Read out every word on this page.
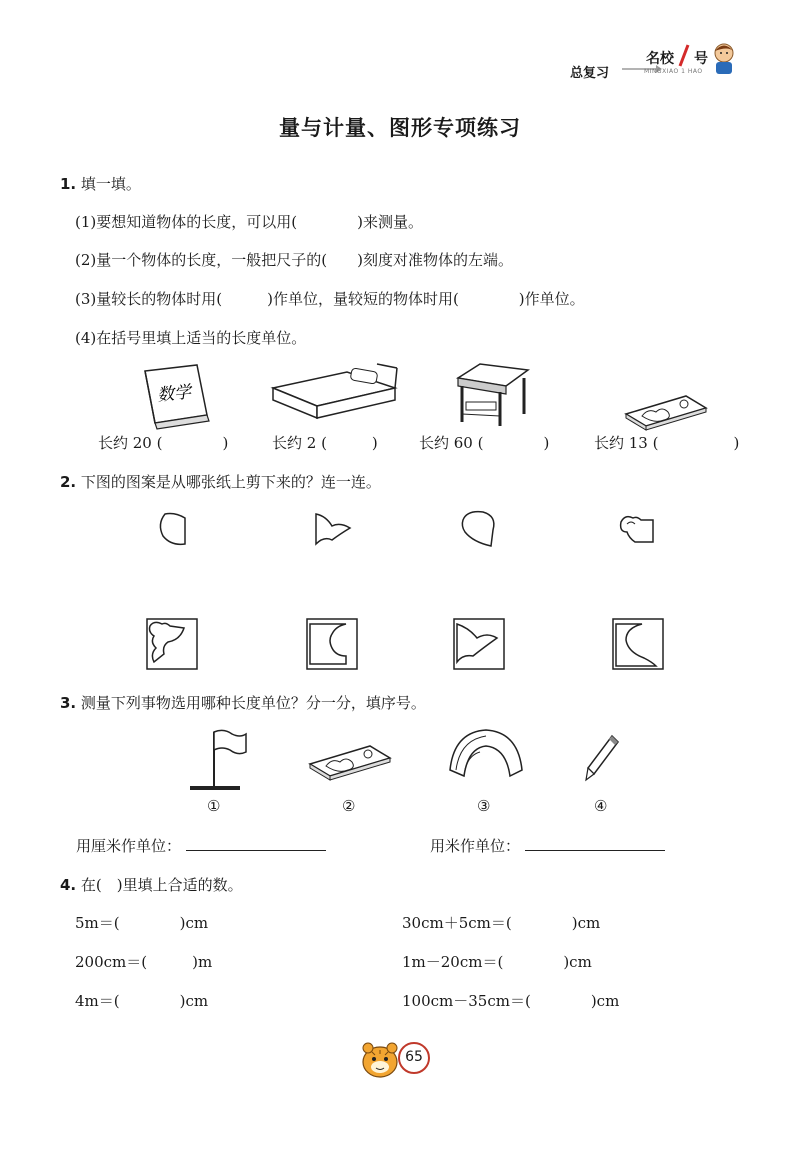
总复习
名校 号
MINGXIAO 1 HAO
量与计量、图形专项练习
1. 填一填。
(1)要想知道物体的长度，可以用(　　　　)来测量。
(2)量一个物体的长度，一般把尺子的(　　)刻度对准物体的左端。
(3)量较长的物体时用(　　　)作单位，量较短的物体时用(　　　　)作单位。
(4)在括号里填上适当的长度单位。
数学
长约 20 (　　　　)	长约 2 (　　　)	长约 60 (　　　　)	长约 13 (　　　　　)
2. 下图的图案是从哪张纸上剪下来的？连一连。
3. 测量下列事物选用哪种长度单位？分一分，填序号。
①	②	③	④
用厘米作单位：	用米作单位：
4. 在(　)里填上合适的数。
5m＝(　　　　)cm
200cm＝(　　　)m
4m＝(　　　　)cm
30cm＋5cm＝(　　　　)cm
1m－20cm＝(　　　　)cm
100cm－35cm＝(　　　　)cm
65
